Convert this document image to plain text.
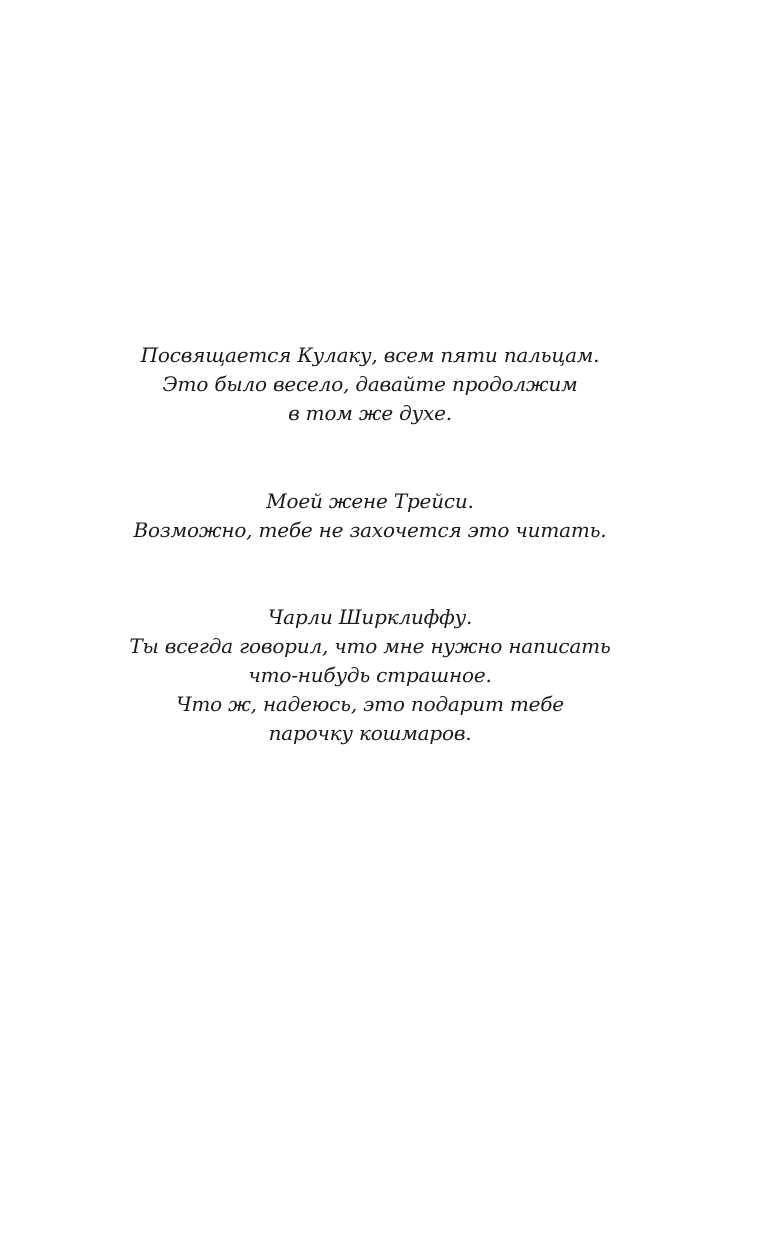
Посвящается Кулаку, всем пяти пальцам.
Это было весело, давайте продолжим
в том же духе.
Моей жене Трейси.
Возможно, тебе не захочется это читать.
Чарли Ширклиффу.
Ты всегда говорил, что мне нужно написать
что-нибудь страшное.
Что ж, надеюсь, это подарит тебе
парочку кошмаров.
